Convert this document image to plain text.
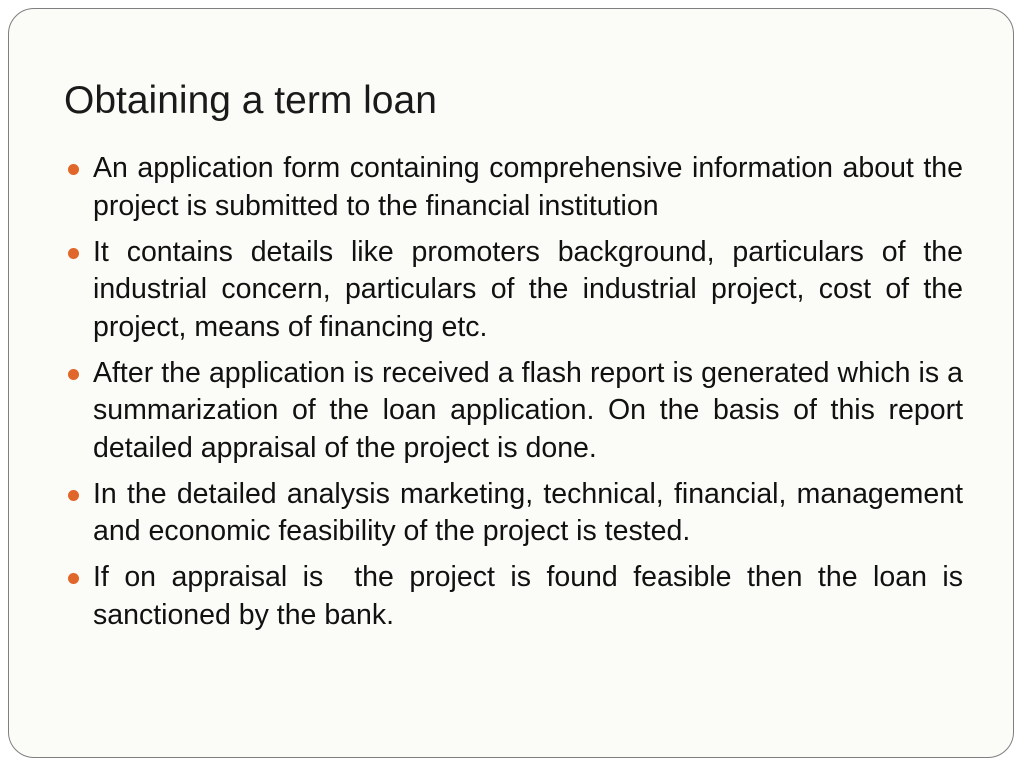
Obtaining a term loan
An application form containing comprehensive information about the project is submitted to the financial institution
It contains details like promoters background, particulars of the industrial concern, particulars of the industrial project, cost of the project, means of financing etc.
After the application is received a flash report is generated which is a summarization of the loan application. On the basis of this report detailed appraisal of the project is done.
In the detailed analysis marketing, technical, financial, management and economic feasibility of the project is tested.
If on appraisal is  the project is found feasible then the loan is sanctioned by the bank.
